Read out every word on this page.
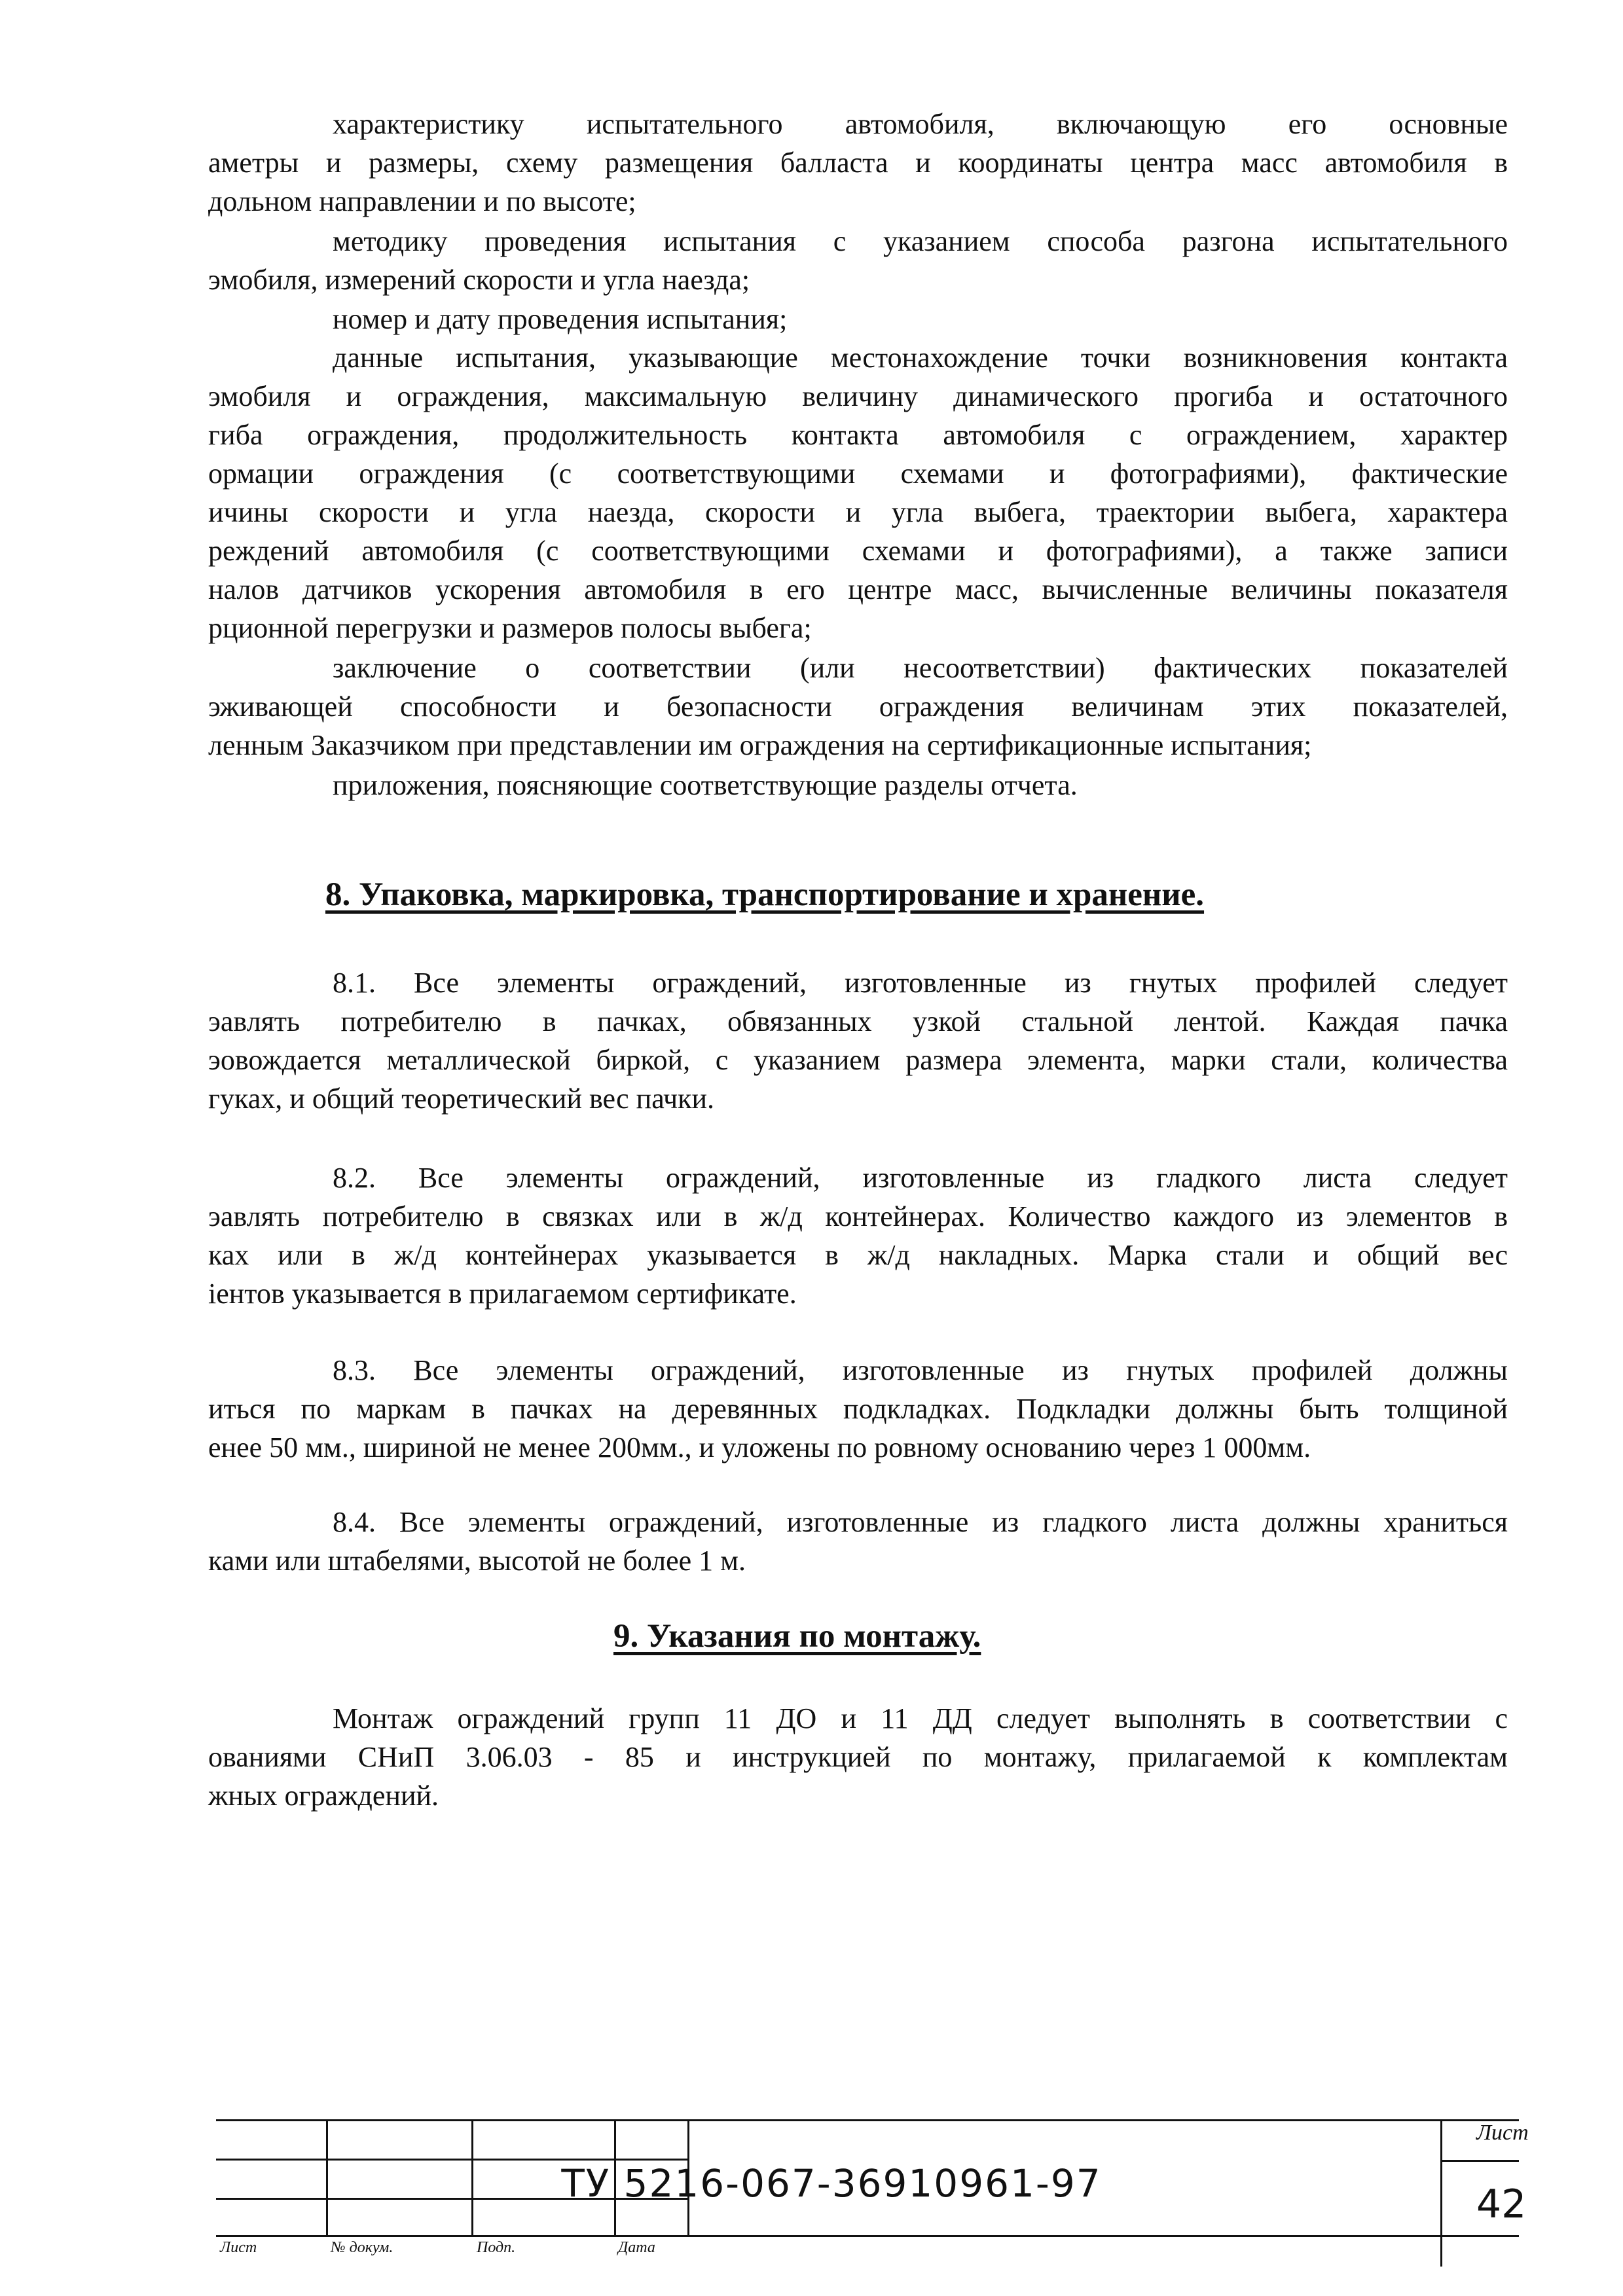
характеристику испытательного автомобиля, включающую его основные
аметры и размеры, схему размещения балласта и координаты центра масс автомобиля в
дольном направлении и по высоте;
методику проведения испытания с указанием способа разгона испытательного
эмобиля, измерений скорости и угла наезда;
номер и дату проведения испытания;
данные испытания, указывающие местонахождение точки возникновения контакта
эмобиля и ограждения, максимальную величину динамического прогиба и остаточного
гиба ограждения, продолжительность контакта автомобиля с ограждением, характер
ормации ограждения (с соответствующими схемами и фотографиями), фактические
ичины скорости и угла наезда, скорости и угла выбега, траектории выбега, характера
реждений автомобиля (с соответствующими схемами и фотографиями), а также записи
налов датчиков ускорения автомобиля в его центре масс, вычисленные величины показателя
рционной перегрузки и размеров полосы выбега;
заключение о соответствии (или несоответствии) фактических показателей
эживающей способности и безопасности ограждения величинам этих показателей,
ленным Заказчиком при представлении им ограждения на сертификационные испытания;
приложения, поясняющие соответствующие разделы отчета.
8. Упаковка, маркировка, транспортирование и хранение.
8.1. Все элементы ограждений, изготовленные из гнутых профилей следует
эавлять потребителю в пачках, обвязанных узкой стальной лентой. Каждая пачка
эовождается металлической биркой, с указанием размера элемента, марки стали, количества
гуках, и общий теоретический вес пачки.
8.2. Все элементы ограждений, изготовленные из гладкого листа следует
эавлять потребителю в связках или в ж/д контейнерах. Количество каждого из элементов в
ках или в ж/д контейнерах указывается в ж/д накладных. Марка стали и общий вес
іентов указывается в прилагаемом сертификате.
8.3. Все элементы ограждений, изготовленные из гнутых профилей должны
иться по маркам в пачках на деревянных подкладках. Подкладки должны быть толщиной
енее 50 мм., шириной не менее 200мм., и уложены по ровному основанию через 1 000мм.
8.4. Все элементы ограждений, изготовленные из гладкого листа должны храниться
ками или штабелями, высотой не более 1 м.
9. Указания по монтажу.
Монтаж ограждений групп 11 ДО и 11 ДД следует выполнять в соответствии с
ованиями СНиП 3.06.03 - 85 и инструкцией по монтажу, прилагаемой к комплектам
жных ограждений.
Лист	№ докум.	Подп.	Дата
ТУ 5216-067-36910961-97
Лист
42
